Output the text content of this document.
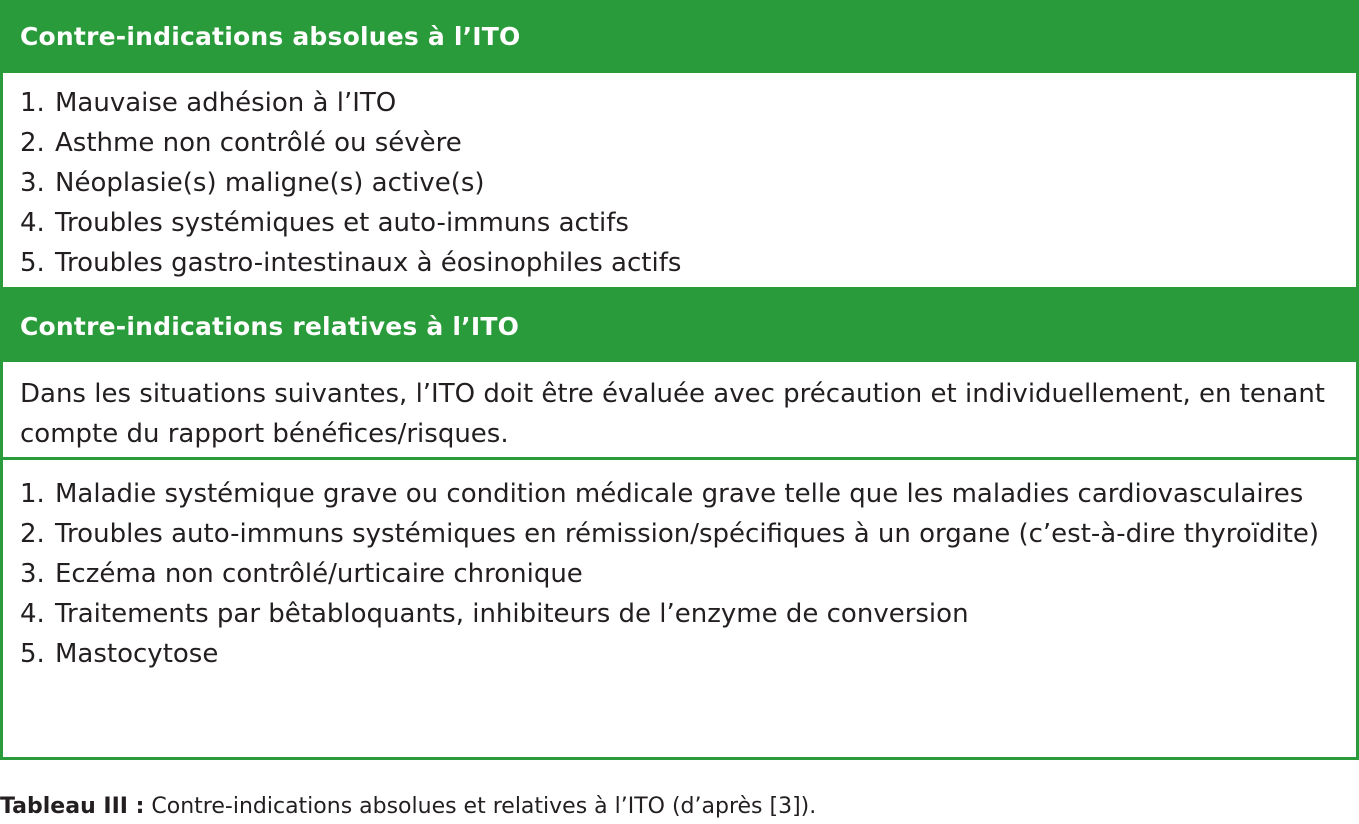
Contre-indications absolues à l’ITO
1. Mauvaise adhésion à l’ITO
2. Asthme non contrôlé ou sévère
3. Néoplasie(s) maligne(s) active(s)
4. Troubles systémiques et auto-immuns actifs
5. Troubles gastro-intestinaux à éosinophiles actifs
Contre-indications relatives à l’ITO

Dans les situations suivantes, l’ITO doit être évaluée avec précaution et individuellement, en tenant compte du rapport bénéfices/risques.

1. Maladie systémique grave ou condition médicale grave telle que les maladies cardiovasculaires
2. Troubles auto-immuns systémiques en rémission/spécifiques à un organe (c’est-à-dire thyroïdite)
3. Eczéma non contrôlé/urticaire chronique
4. Traitements par bêtabloquants, inhibiteurs de l’enzyme de conversion
5. Mastocytose
Tableau III : Contre-indications absolues et relatives à l’ITO (d’après [3]).
